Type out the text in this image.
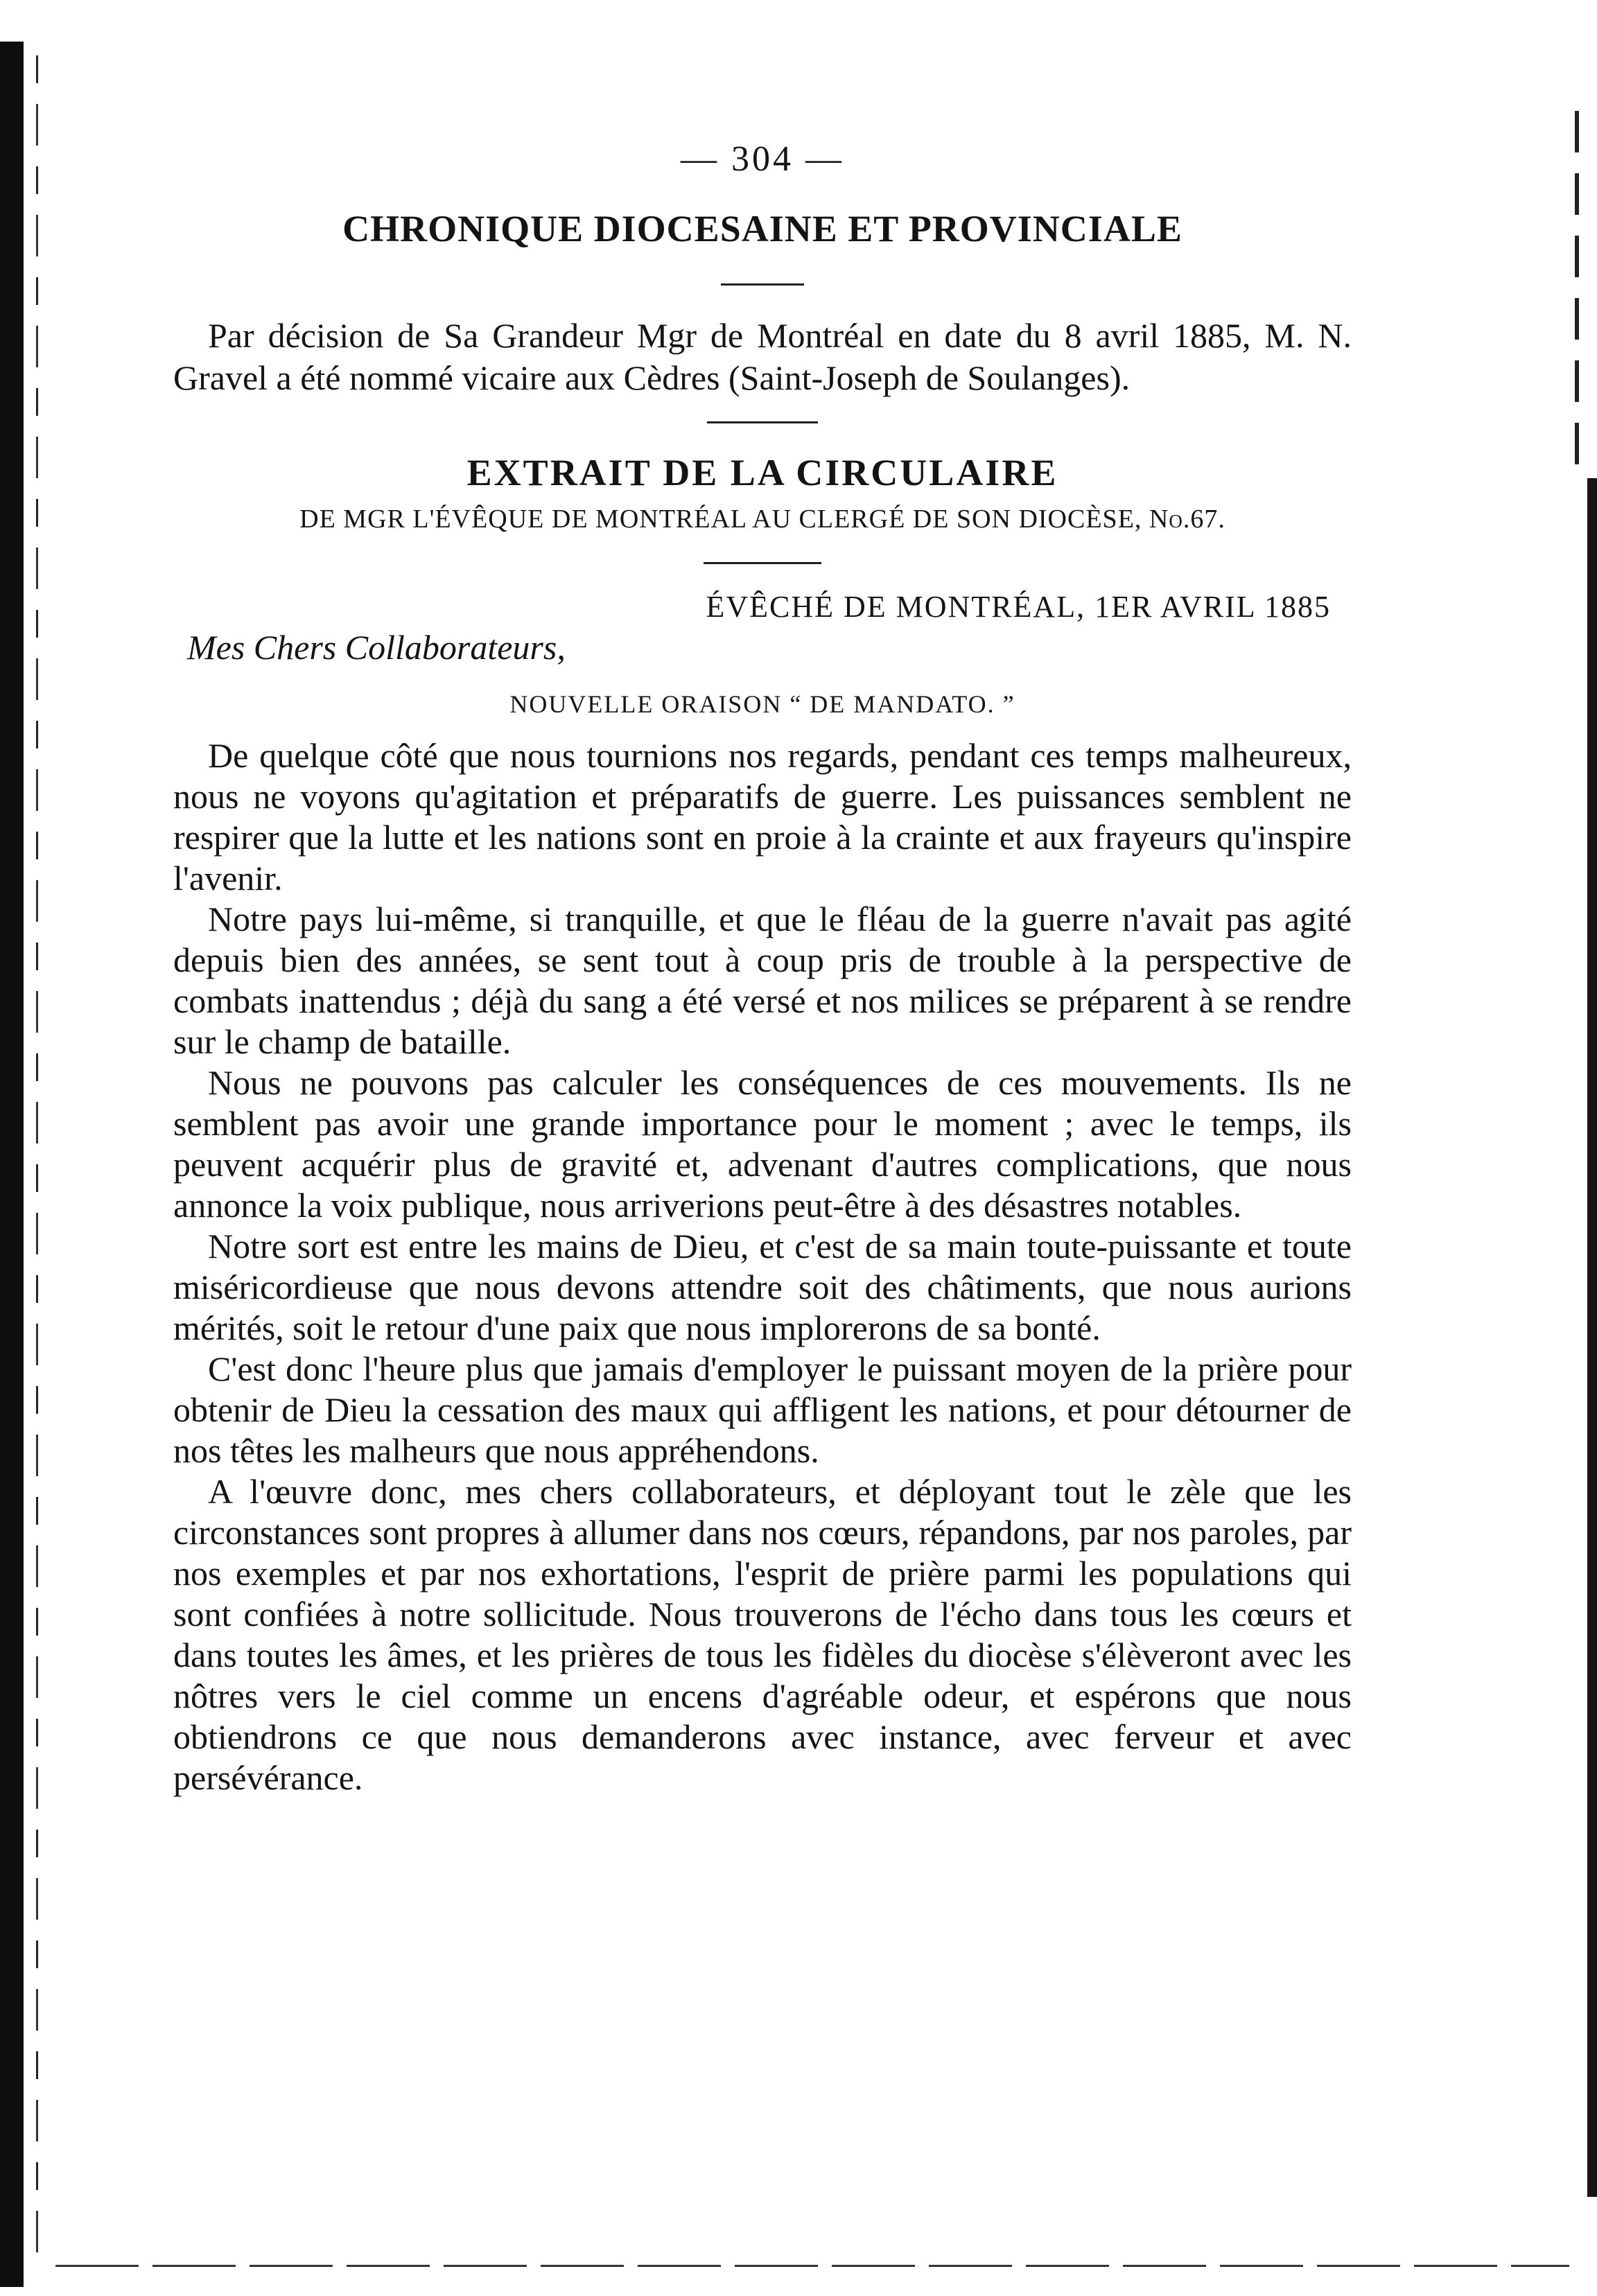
— 304 —
CHRONIQUE DIOCESAINE ET PROVINCIALE

Par décision de Sa Grandeur Mgr de Montréal en date du 8 avril 1885, M. N. Gravel a été nommé vicaire aux Cèdres (Saint-Joseph de Soulanges).

EXTRAIT DE LA CIRCULAIRE
DE MGR L'ÉVÊQUE DE MONTRÉAL AU CLERGÉ DE SON DIOCÈSE, No.67.
ÉVÊCHÉ DE MONTRÉAL, 1ER AVRIL 1885
Mes Chers Collaborateurs,
NOUVELLE ORAISON “ DE MANDATO. ”

De quelque côté que nous tournions nos regards, pendant ces temps malheureux, nous ne voyons qu'agitation et préparatifs de guerre. Les puissances semblent ne respirer que la lutte et les nations sont en proie à la crainte et aux frayeurs qu'inspire l'avenir.

Notre pays lui-même, si tranquille, et que le fléau de la guerre n'avait pas agité depuis bien des années, se sent tout à coup pris de trouble à la perspective de combats inattendus ; déjà du sang a été versé et nos milices se préparent à se rendre sur le champ de bataille.

Nous ne pouvons pas calculer les conséquences de ces mouvements. Ils ne semblent pas avoir une grande importance pour le moment ; avec le temps, ils peuvent acquérir plus de gravité et, advenant d'autres complications, que nous annonce la voix publique, nous arriverions peut-être à des désastres notables.

Notre sort est entre les mains de Dieu, et c'est de sa main toute-puissante et toute miséricordieuse que nous devons attendre soit des châtiments, que nous aurions mérités, soit le retour d'une paix que nous implorerons de sa bonté.

C'est donc l'heure plus que jamais d'employer le puissant moyen de la prière pour obtenir de Dieu la cessation des maux qui affligent les nations, et pour détourner de nos têtes les malheurs que nous appréhendons.

A l'œuvre donc, mes chers collaborateurs, et déployant tout le zèle que les circonstances sont propres à allumer dans nos cœurs, répandons, par nos paroles, par nos exemples et par nos exhortations, l'esprit de prière parmi les populations qui sont confiées à notre sollicitude. Nous trouverons de l'écho dans tous les cœurs et dans toutes les âmes, et les prières de tous les fidèles du diocèse s'élèveront avec les nôtres vers le ciel comme un encens d'agréable odeur, et espérons que nous obtiendrons ce que nous demanderons avec instance, avec ferveur et avec persévérance.
